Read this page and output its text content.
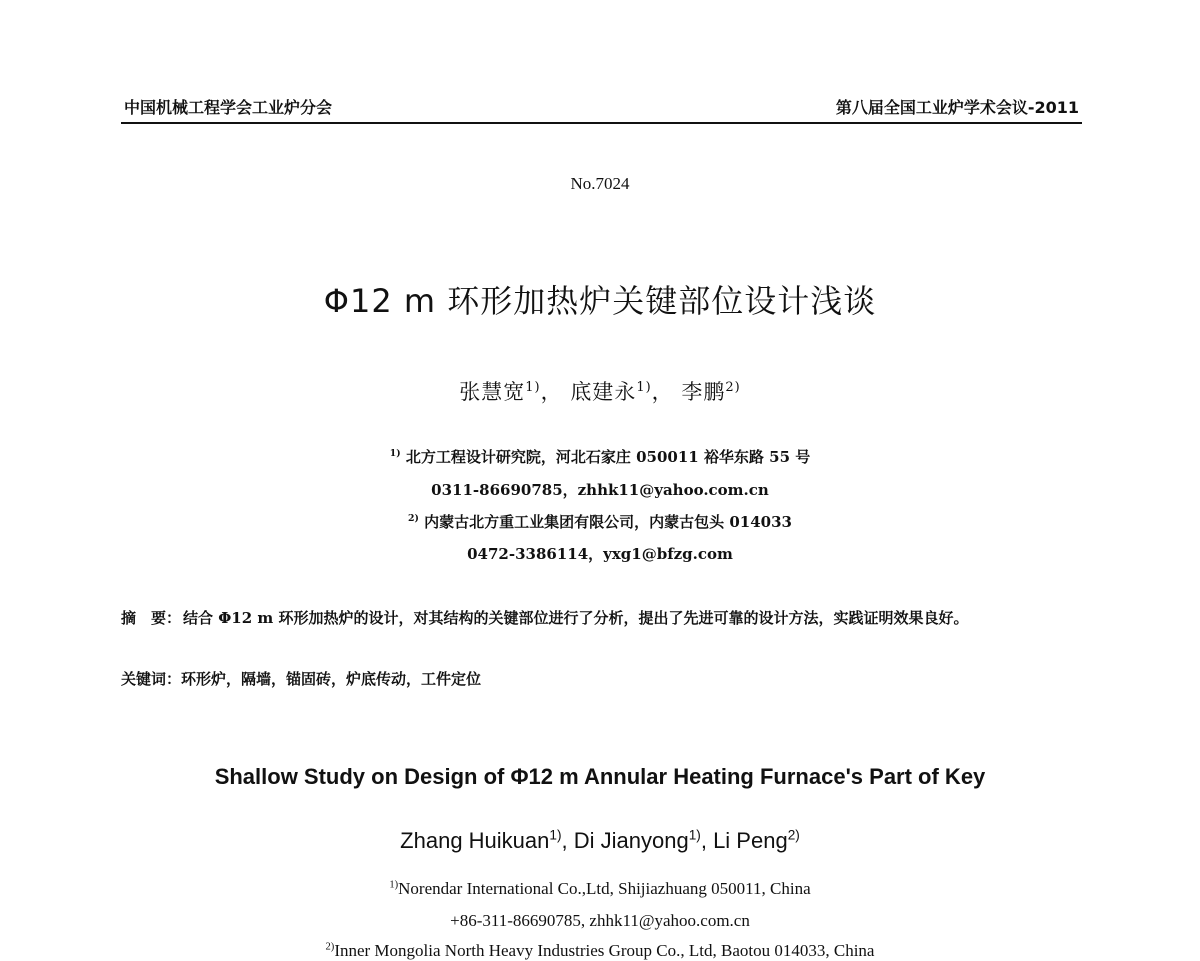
中国机械工程学会工业炉分会	第八届全国工业炉学术会议-2011
No.7024
Φ12 m 环形加热炉关键部位设计浅谈
张慧宽$^{1)}$， 底建永$^{1)}$， 李鹏$^{2)}$
$^{1)}$ 北方工程设计研究院，河北石家庄 050011 裕华东路 55 号
0311-86690785，zhhk11@yahoo.com.cn
$^{2)}$ 内蒙古北方重工业集团有限公司，内蒙古包头 014033
0472-3386114，yxg1@bfzg.com
摘　要： 结合 Φ12 m 环形加热炉的设计，对其结构的关键部位进行了分析，提出了先进可靠的设计方法，实践证明效果良好。
关键词：环形炉，隔墙，锚固砖，炉底传动，工件定位
Shallow Study on Design of Φ12 m Annular Heating Furnace's Part of Key
Zhang Huikuan$^{1)}$, Di Jianyong$^{1)}$, Li Peng$^{2)}$
$^{1)}$Norendar International Co.,Ltd, Shijiazhuang 050011, China
+86-311-86690785, zhhk11@yahoo.com.cn
$^{2)}$Inner Mongolia North Heavy Industries Group Co., Ltd, Baotou 014033, China
